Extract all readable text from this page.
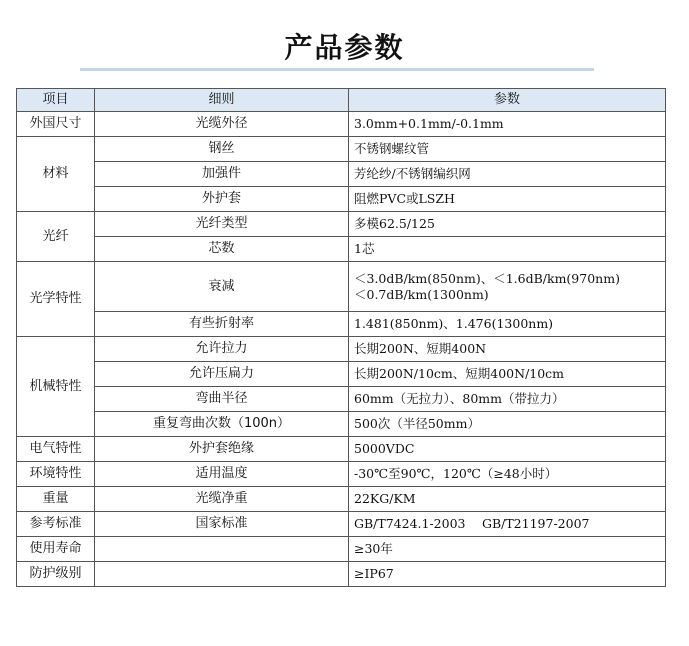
产品参数
项目	细则	参数
外国尺寸	光缆外径	3.0mm+0.1mm/-0.1mm
材料	钢丝	不锈钢螺纹管
	加强件	芳纶纱/不锈钢编织网
	外护套	阻燃PVC或LSZH
光纤	光纤类型	多模62.5/125
	芯数	1芯
光学特性	衰减	＜3.0dB/km(850nm)、＜1.6dB/km(970nm)
＜0.7dB/km(1300nm)

	有些折射率	1.481(850nm)、1.476(1300nm)
机械特性	允许拉力	长期200N、短期400N
	允许压扁力	长期200N/10cm、短期400N/10cm
	弯曲半径	60mm（无拉力）、80mm（带拉力）
	重复弯曲次数（100n）	500次（半径50mm）
电气特性	外护套绝缘	5000VDC
环境特性	适用温度	-30℃至90℃，120℃（≥48小时）
重量	光缆净重	22KG/KM
参考标准	国家标准	GB/T7424.1-2003　 GB/T21197-2007
使用寿命		≥30年
防护级别		≥IP67
